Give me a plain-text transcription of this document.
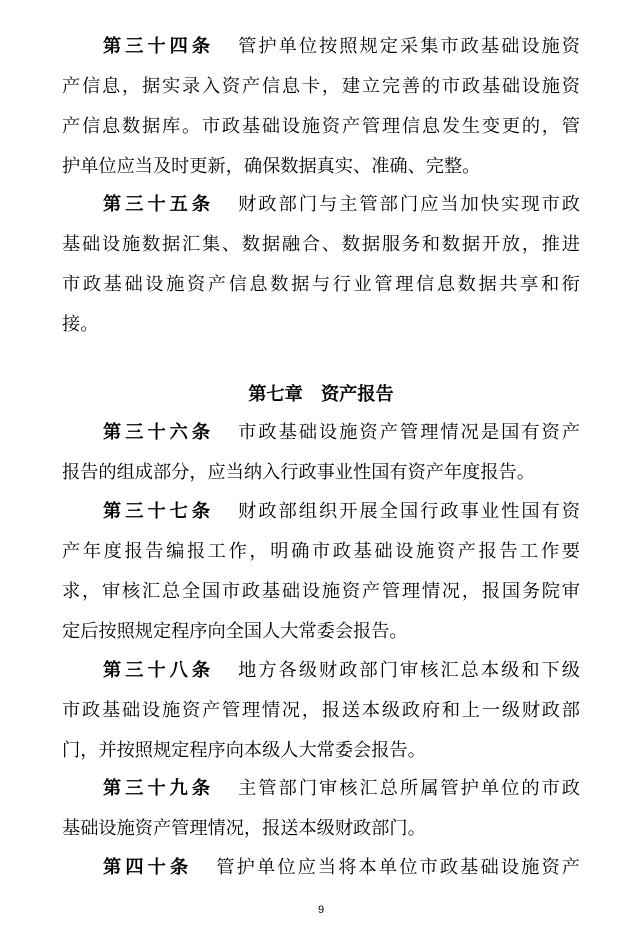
第三十四条 管护单位按照规定采集市政基础设施资
产信息，据实录入资产信息卡，建立完善的市政基础设施资
产信息数据库。市政基础设施资产管理信息发生变更的，管
护单位应当及时更新，确保数据真实、准确、完整。
第三十五条 财政部门与主管部门应当加快实现市政
基础设施数据汇集、数据融合、数据服务和数据开放，推进
市政基础设施资产信息数据与行业管理信息数据共享和衔
接。
第七章　资产报告
第三十六条 市政基础设施资产管理情况是国有资产
报告的组成部分，应当纳入行政事业性国有资产年度报告。
第三十七条 财政部组织开展全国行政事业性国有资
产年度报告编报工作，明确市政基础设施资产报告工作要
求，审核汇总全国市政基础设施资产管理情况，报国务院审
定后按照规定程序向全国人大常委会报告。
第三十八条 地方各级财政部门审核汇总本级和下级
市政基础设施资产管理情况，报送本级政府和上一级财政部
门，并按照规定程序向本级人大常委会报告。
第三十九条 主管部门审核汇总所属管护单位的市政
基础设施资产管理情况，报送本级财政部门。
第四十条 管护单位应当将本单位市政基础设施资产
9
